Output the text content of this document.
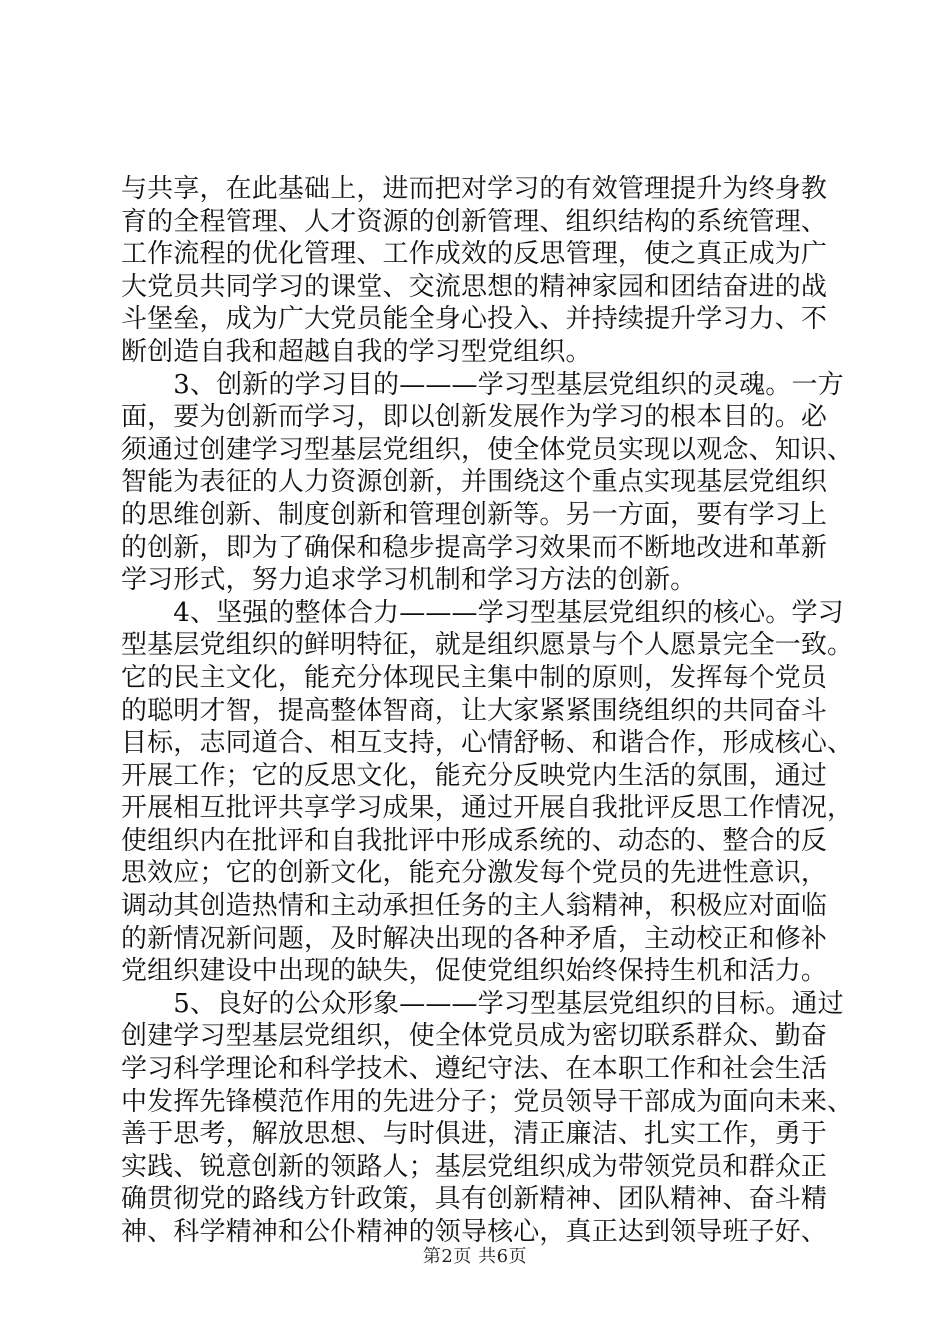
与共享，在此基础上，进而把对学习的有效管理提升为终身教
育的全程管理、人才资源的创新管理、组织结构的系统管理、
工作流程的优化管理、工作成效的反思管理，使之真正成为广
大党员共同学习的课堂、交流思想的精神家园和团结奋进的战
斗堡垒，成为广大党员能全身心投入、并持续提升学习力、不
断创造自我和超越自我的学习型党组织。
　　3、创新的学习目的———学习型基层党组织的灵魂。一方
面，要为创新而学习，即以创新发展作为学习的根本目的。必
须通过创建学习型基层党组织，使全体党员实现以观念、知识、
智能为表征的人力资源创新，并围绕这个重点实现基层党组织
的思维创新、制度创新和管理创新等。另一方面，要有学习上
的创新，即为了确保和稳步提高学习效果而不断地改进和革新
学习形式，努力追求学习机制和学习方法的创新。
　　4、坚强的整体合力———学习型基层党组织的核心。学习
型基层党组织的鲜明特征，就是组织愿景与个人愿景完全一致。
它的民主文化，能充分体现民主集中制的原则，发挥每个党员
的聪明才智，提高整体智商，让大家紧紧围绕组织的共同奋斗
目标，志同道合、相互支持，心情舒畅、和谐合作，形成核心、
开展工作；它的反思文化，能充分反映党内生活的氛围，通过
开展相互批评共享学习成果，通过开展自我批评反思工作情况，
使组织内在批评和自我批评中形成系统的、动态的、整合的反
思效应；它的创新文化，能充分激发每个党员的先进性意识，
调动其创造热情和主动承担任务的主人翁精神，积极应对面临
的新情况新问题，及时解决出现的各种矛盾，主动校正和修补
党组织建设中出现的缺失，促使党组织始终保持生机和活力。
　　5、良好的公众形象———学习型基层党组织的目标。通过
创建学习型基层党组织，使全体党员成为密切联系群众、勤奋
学习科学理论和科学技术、遵纪守法、在本职工作和社会生活
中发挥先锋模范作用的先进分子；党员领导干部成为面向未来、
善于思考，解放思想、与时俱进，清正廉洁、扎实工作，勇于
实践、锐意创新的领路人；基层党组织成为带领党员和群众正
确贯彻党的路线方针政策，具有创新精神、团队精神、奋斗精
神、科学精神和公仆精神的领导核心，真正达到领导班子好、
第2页 共6页
